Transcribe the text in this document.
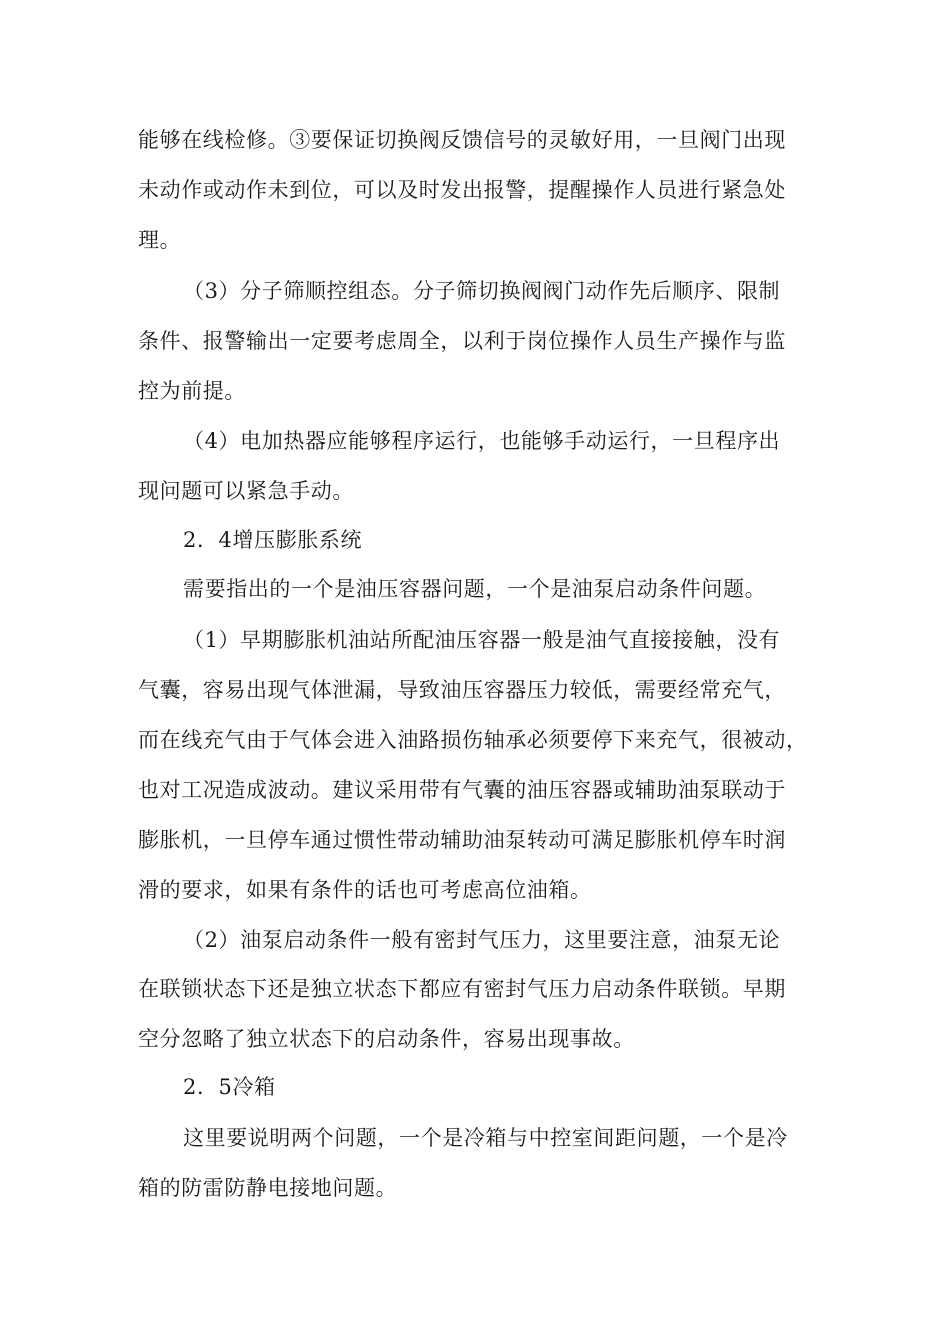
能够在线检修。③要保证切换阀反馈信号的灵敏好用，一旦阀门出现
未动作或动作未到位，可以及时发出报警，提醒操作人员进行紧急处
理。
（3）分子筛顺控组态。分子筛切换阀阀门动作先后顺序、限制
条件、报警输出一定要考虑周全，以利于岗位操作人员生产操作与监
控为前提。
（4）电加热器应能够程序运行，也能够手动运行，一旦程序出
现问题可以紧急手动。
2．4增压膨胀系统
需要指出的一个是油压容器问题，一个是油泵启动条件问题。
（1）早期膨胀机油站所配油压容器一般是油气直接接触，没有
气囊，容易出现气体泄漏，导致油压容器压力较低，需要经常充气，
而在线充气由于气体会进入油路损伤轴承必须要停下来充气，很被动，
也对工况造成波动。建议采用带有气囊的油压容器或辅助油泵联动于
膨胀机，一旦停车通过惯性带动辅助油泵转动可满足膨胀机停车时润
滑的要求，如果有条件的话也可考虑高位油箱。
（2）油泵启动条件一般有密封气压力，这里要注意，油泵无论
在联锁状态下还是独立状态下都应有密封气压力启动条件联锁。早期
空分忽略了独立状态下的启动条件，容易出现事故。
2．5冷箱
这里要说明两个问题，一个是冷箱与中控室间距问题，一个是冷
箱的防雷防静电接地问题。
